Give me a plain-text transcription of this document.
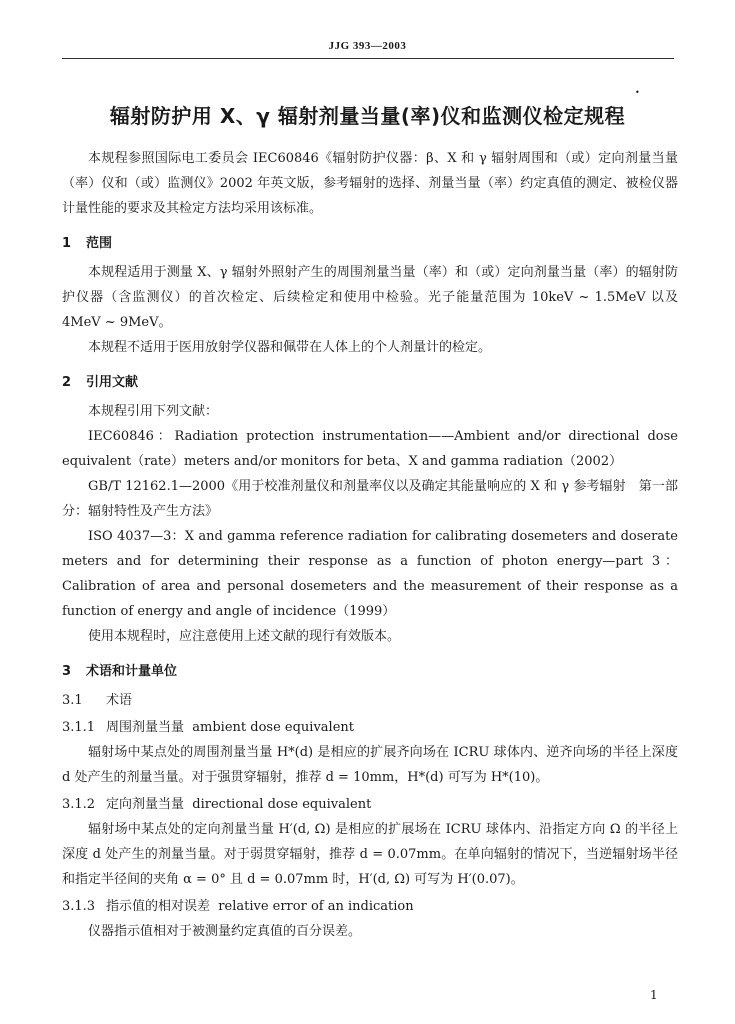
JJG 393—2003
•
辐射防护用 X、γ 辐射剂量当量(率)仪和监测仪检定规程

本规程参照国际电工委员会 IEC60846《辐射防护仪器：β、X 和 γ 辐射周围和（或）定向剂量当量（率）仪和（或）监测仪》2002 年英文版，参考辐射的选择、剂量当量（率）约定真值的测定、被检仪器计量性能的要求及其检定方法均采用该标准。

1 范围

本规程适用于测量 X、γ 辐射外照射产生的周围剂量当量（率）和（或）定向剂量当量（率）的辐射防护仪器（含监测仪）的首次检定、后续检定和使用中检验。光子能量范围为 10keV ~ 1.5MeV 以及 4MeV ~ 9MeV。

本规程不适用于医用放射学仪器和佩带在人体上的个人剂量计的检定。

2 引用文献

本规程引用下列文献：

IEC60846：Radiation protection instrumentation——Ambient and/or directional dose equivalent（rate）meters and/or monitors for beta、X and gamma radiation（2002）

GB/T 12162.1—2000《用于校准剂量仪和剂量率仪以及确定其能量响应的 X 和 γ 参考辐射　第一部分：辐射特性及产生方法》

ISO 4037—3：X and gamma reference radiation for calibrating dosemeters and doserate meters and for determining their response as a function of photon energy—part 3：Calibration of area and personal dosemeters and the measurement of their response as a function of energy and angle of incidence（1999）

使用本规程时，应注意使用上述文献的现行有效版本。

3 术语和计量单位

3.1 术语

3.1.1 周围剂量当量 ambient dose equivalent

辐射场中某点处的周围剂量当量 H*(d) 是相应的扩展齐向场在 ICRU 球体内、逆齐向场的半径上深度 d 处产生的剂量当量。对于强贯穿辐射，推荐 d = 10mm，H*(d) 可写为 H*(10)。

3.1.2 定向剂量当量 directional dose equivalent

辐射场中某点处的定向剂量当量 H′(d, Ω) 是相应的扩展场在 ICRU 球体内、沿指定方向 Ω 的半径上深度 d 处产生的剂量当量。对于弱贯穿辐射，推荐 d = 0.07mm。在单向辐射的情况下，当逆辐射场半径和指定半径间的夹角 α = 0° 且 d = 0.07mm 时，H′(d, Ω) 可写为 H′(0.07)。

3.1.3 指示值的相对误差 relative error of an indication

仪器指示值相对于被测量约定真值的百分误差。

1
